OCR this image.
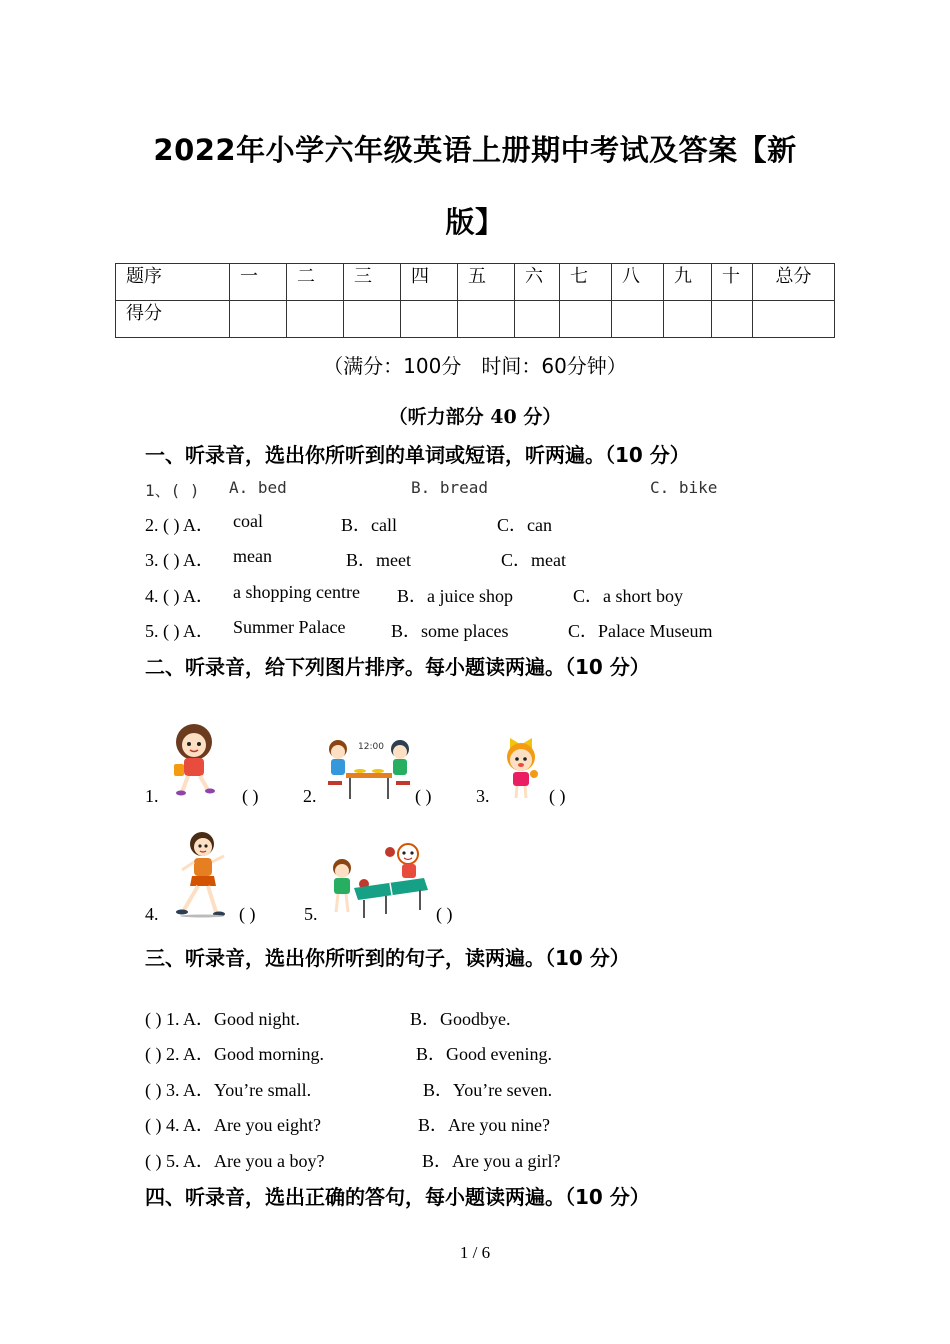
2022年小学六年级英语上册期中考试及答案【新
版】
题序	一	二	三	四	五	六	七	八	九	十	总分
得分											
（满分：100分　时间：60分钟）
（听力部分 40 分）
一、听录音，选出你所听到的单词或短语，听两遍。（10 分）
1、( ) A. bed	B. bread	C. bike
2. ( ) A． coal	B．call	C．can
3. ( ) A． mean	B．meet	C．meat
4. ( ) A． a shopping centre B．a juice shop	C．a short boy
5. ( ) A． Summer Palace	B．some places	C．Palace Museum
二、听录音，给下列图片排序。每小题读两遍。（10 分）
1.	( )
12:00
2.	( ) 3.	( )
4.	( )	5.	( )
三、听录音，选出你所听到的句子，读两遍。（10 分）
( ) 1. A．Good night.	B．Goodbye.
( ) 2. A．Good morning.	B．Good evening.
( ) 3. A．You’re small.	B．You’re seven.
( ) 4. A．Are you eight?	B．Are you nine?
( ) 5. A．Are you a boy?	B．Are you a girl?
四、听录音，选出正确的答句，每小题读两遍。（10 分）
1 / 6
